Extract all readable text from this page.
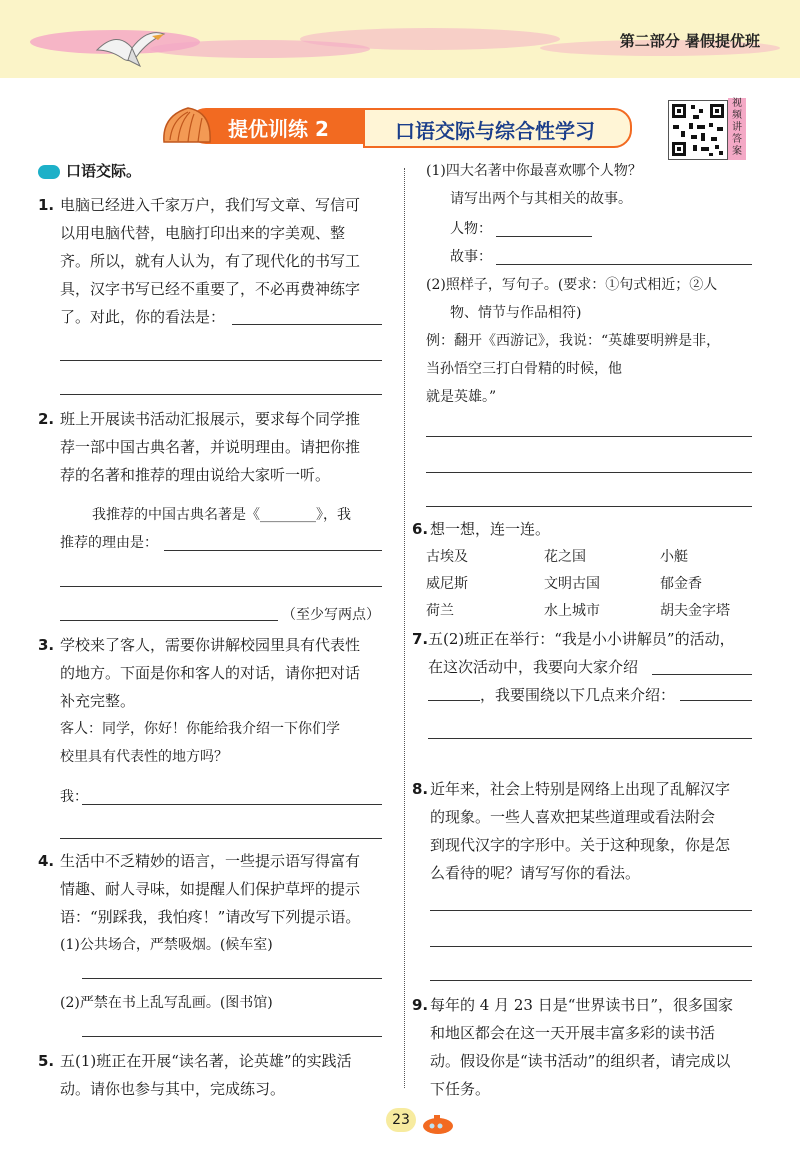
第二部分 暑假提优班
提优训练 2	口语交际与综合性学习
视频讲答案
口语交际。
1. 电脑已经进入千家万户，我们写文章、写信可
以用电脑代替，电脑打印出来的字美观、整
齐。所以，就有人认为，有了现代化的书写工
具，汉字书写已经不重要了，不必再费神练字
了。对此，你的看法是：
2. 班上开展读书活动汇报展示，要求每个同学推
荐一部中国古典名著，并说明理由。请把你推
荐的名著和推荐的理由说给大家听一听。
我推荐的中国古典名著是《________》，我
推荐的理由是：
（至少写两点）
3. 学校来了客人，需要你讲解校园里具有代表性
的地方。下面是你和客人的对话，请你把对话
补充完整。
客人：同学，你好！你能给我介绍一下你们学
校里具有代表性的地方吗？
我：
4. 生活中不乏精妙的语言，一些提示语写得富有
情趣、耐人寻味，如提醒人们保护草坪的提示
语：“别踩我，我怕疼！”请改写下列提示语。
(1)公共场合，严禁吸烟。(候车室)
(2)严禁在书上乱写乱画。(图书馆)
5. 五(1)班正在开展“读名著，论英雄”的实践活
动。请你也参与其中，完成练习。
(1)四大名著中你最喜欢哪个人物？
请写出两个与其相关的故事。
人物：
故事：
(2)照样子，写句子。(要求：①句式相近；②人
物、情节与作品相符)
例：翻开《西游记》，我说：“英雄要明辨是非，
当孙悟空三打白骨精的时候，他
就是英雄。”
6. 想一想，连一连。
古埃及	花之国	小艇
威尼斯	文明古国	郁金香
荷兰	水上城市	胡夫金字塔
7. 五(2)班正在举行：“我是小小讲解员”的活动，
在这次活动中，我要向大家介绍
，我要围绕以下几点来介绍：
8. 近年来，社会上特别是网络上出现了乱解汉字
的现象。一些人喜欢把某些道理或看法附会
到现代汉字的字形中。关于这种现象，你是怎
么看待的呢？请写写你的看法。
9. 每年的 4 月 23 日是“世界读书日”，很多国家
和地区都会在这一天开展丰富多彩的读书活
动。假设你是“读书活动”的组织者，请完成以
下任务。
23
